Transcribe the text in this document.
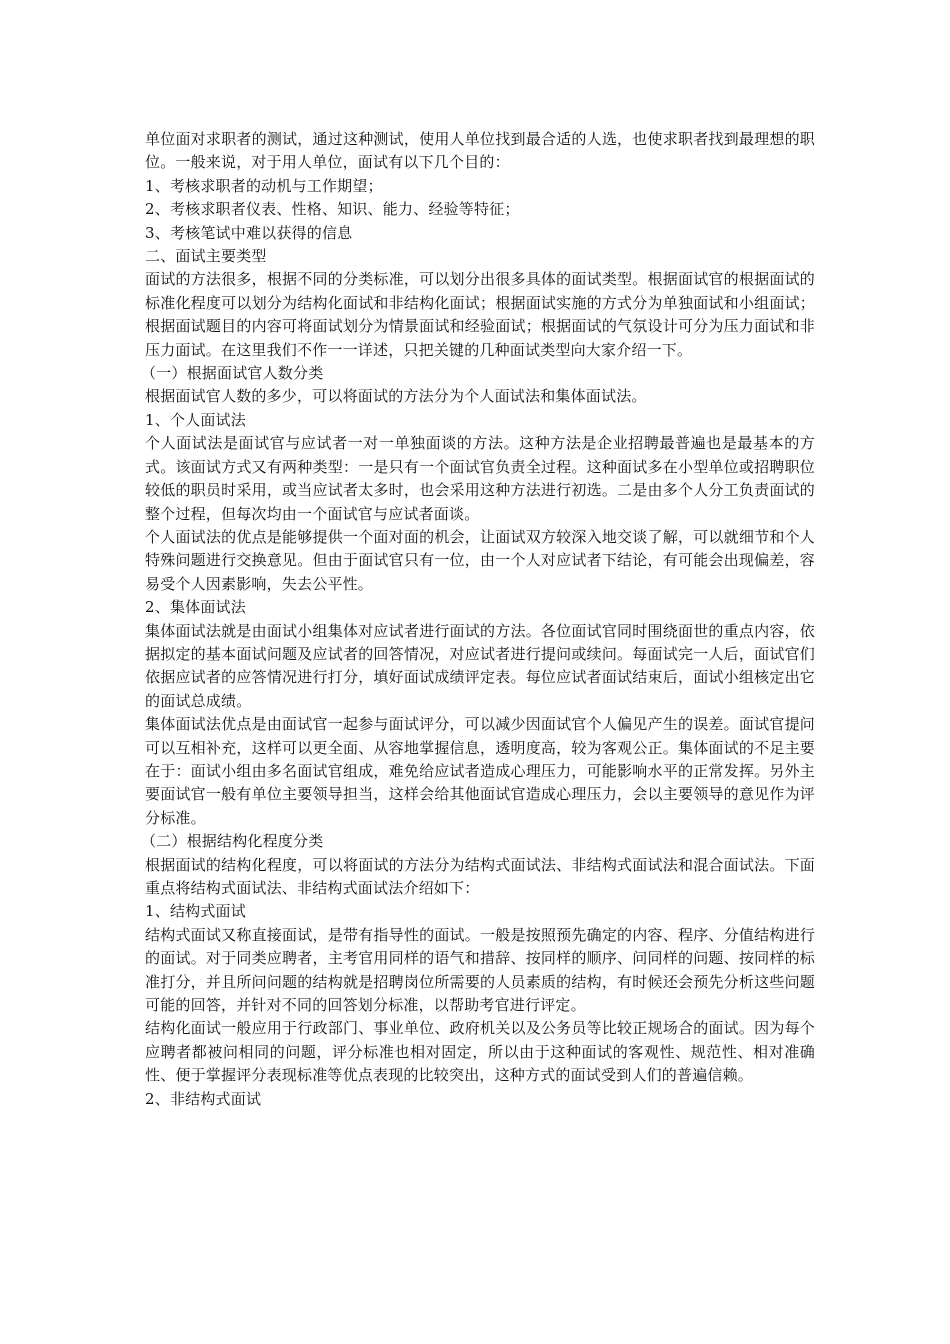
单位面对求职者的测试，通过这种测试，使用人单位找到最合适的人选，也使求职者找到最理想的职位。一般来说，对于用人单位，面试有以下几个目的：

1、考核求职者的动机与工作期望；

2、考核求职者仪表、性格、知识、能力、经验等特征；

3、考核笔试中难以获得的信息

二、面试主要类型

面试的方法很多，根据不同的分类标准，可以划分出很多具体的面试类型。根据面试官的根据面试的标准化程度可以划分为结构化面试和非结构化面试；根据面试实施的方式分为单独面试和小组面试；根据面试题目的内容可将面试划分为情景面试和经验面试；根据面试的气氛设计可分为压力面试和非压力面试。在这里我们不作一一详述，只把关键的几种面试类型向大家介绍一下。

（一）根据面试官人数分类

根据面试官人数的多少，可以将面试的方法分为个人面试法和集体面试法。

1、个人面试法

个人面试法是面试官与应试者一对一单独面谈的方法。这种方法是企业招聘最普遍也是最基本的方式。该面试方式又有两种类型：一是只有一个面试官负责全过程。这种面试多在小型单位或招聘职位较低的职员时采用，或当应试者太多时，也会采用这种方法进行初选。二是由多个人分工负责面试的整个过程，但每次均由一个面试官与应试者面谈。

个人面试法的优点是能够提供一个面对面的机会，让面试双方较深入地交谈了解，可以就细节和个人特殊问题进行交换意见。但由于面试官只有一位，由一个人对应试者下结论，有可能会出现偏差，容易受个人因素影响，失去公平性。

2、集体面试法

集体面试法就是由面试小组集体对应试者进行面试的方法。各位面试官同时围绕面世的重点内容，依据拟定的基本面试问题及应试者的回答情况，对应试者进行提问或续问。每面试完一人后，面试官们依据应试者的应答情况进行打分，填好面试成绩评定表。每位应试者面试结束后，面试小组核定出它的面试总成绩。

集体面试法优点是由面试官一起参与面试评分，可以减少因面试官个人偏见产生的误差。面试官提问可以互相补充，这样可以更全面、从容地掌握信息，透明度高，较为客观公正。集体面试的不足主要在于：面试小组由多名面试官组成，难免给应试者造成心理压力，可能影响水平的正常发挥。另外主要面试官一般有单位主要领导担当，这样会给其他面试官造成心理压力，会以主要领导的意见作为评分标准。

（二）根据结构化程度分类

根据面试的结构化程度，可以将面试的方法分为结构式面试法、非结构式面试法和混合面试法。下面重点将结构式面试法、非结构式面试法介绍如下：

1、结构式面试

结构式面试又称直接面试，是带有指导性的面试。一般是按照预先确定的内容、程序、分值结构进行的面试。对于同类应聘者，主考官用同样的语气和措辞、按同样的顺序、问同样的问题、按同样的标准打分，并且所问问题的结构就是招聘岗位所需要的人员素质的结构，有时候还会预先分析这些问题可能的回答，并针对不同的回答划分标准，以帮助考官进行评定。

结构化面试一般应用于行政部门、事业单位、政府机关以及公务员等比较正规场合的面试。因为每个应聘者都被问相同的问题，评分标准也相对固定，所以由于这种面试的客观性、规范性、相对准确性、便于掌握评分表现标准等优点表现的比较突出，这种方式的面试受到人们的普遍信赖。

2、非结构式面试
